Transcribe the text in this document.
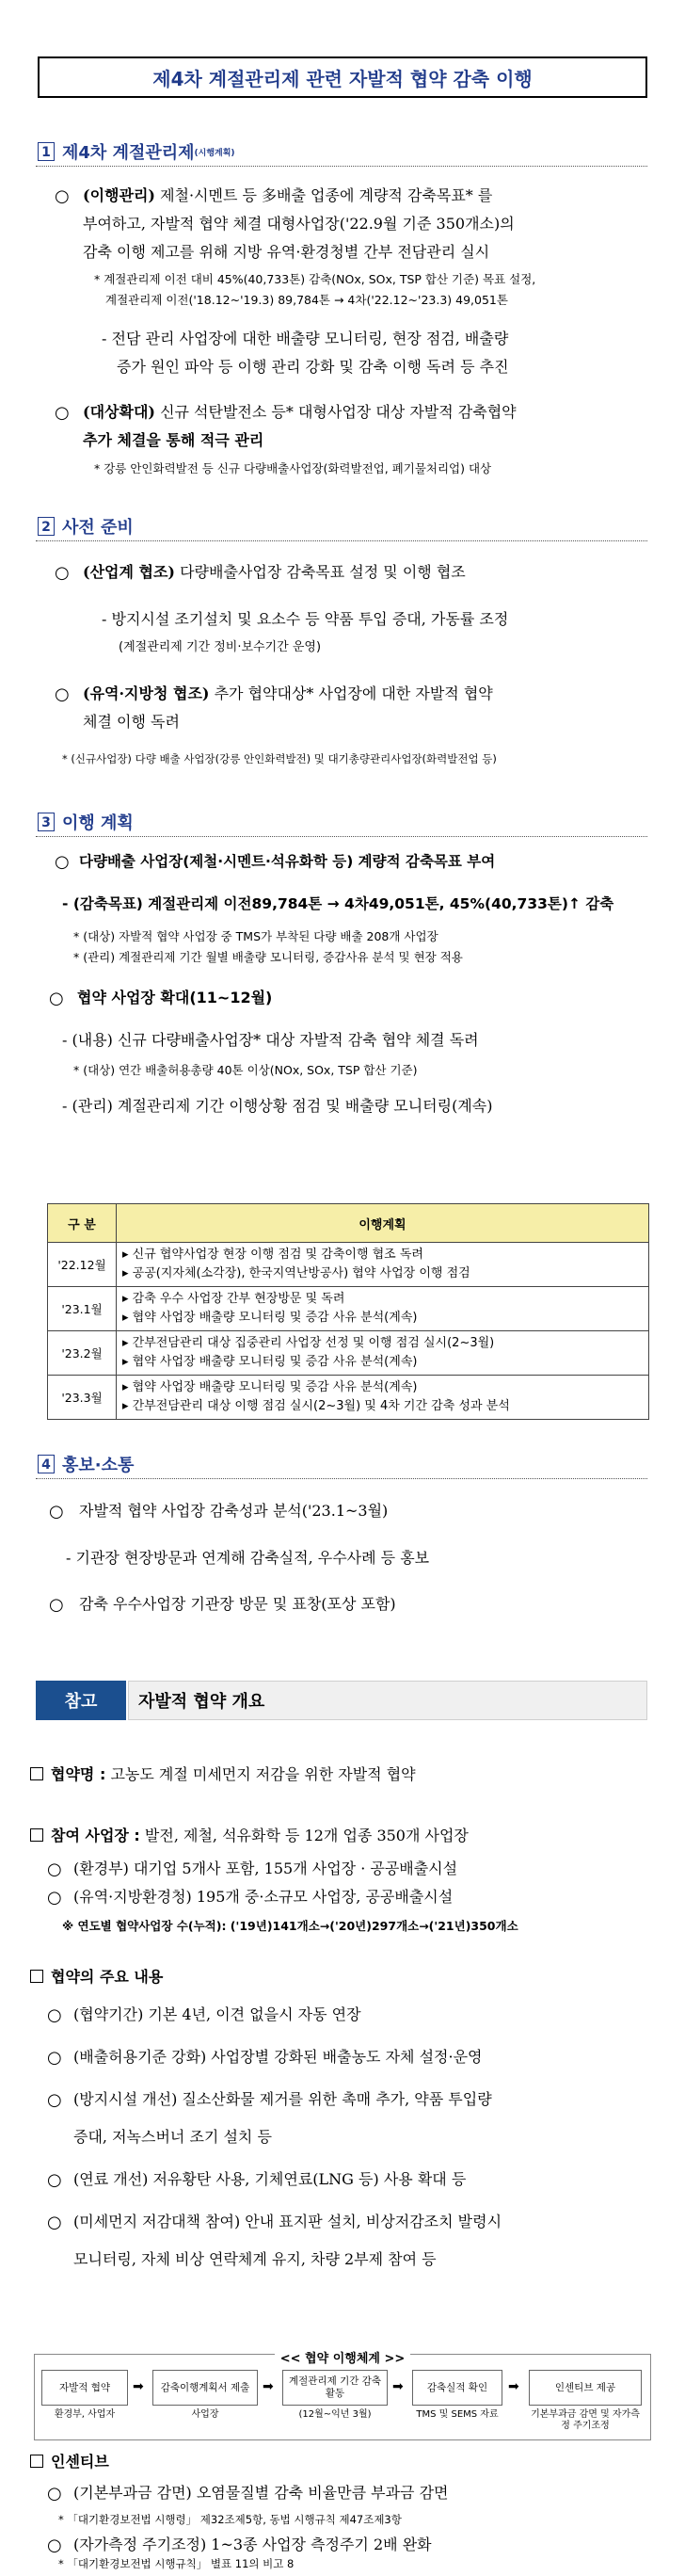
제4차 계절관리제 관련 자발적 협약 감축 이행
1 제4차 계절관리제 (시행계획)
○ (이행관리) 제철·시멘트 등 多배출 업종에 계량적 감축목표* 를
부여하고, 자발적 협약 체결 대형사업장('22.9월 기준 350개소)의
감축 이행 제고를 위해 지방 유역·환경청별 간부 전담관리 실시
* 계절관리제 이전 대비 45%(40,733톤) 감축(NOx, SOx, TSP 합산 기준) 목표 설정,
계절관리제 이전('18.12~'19.3) 89,784톤 → 4차('22.12~'23.3) 49,051톤
- 전담 관리 사업장에 대한 배출량 모니터링, 현장 점검, 배출량
증가 원인 파악 등 이행 관리 강화 및 감축 이행 독려 등 추진
○ (대상확대) 신규 석탄발전소 등* 대형사업장 대상 자발적 감축협약
추가 체결을 통해 적극 관리
* 강릉 안인화력발전 등 신규 다량배출사업장(화력발전업, 폐기물처리업) 대상
2 사전 준비
○ (산업계 협조) 다량배출사업장 감축목표 설정 및 이행 협조
- 방지시설 조기설치 및 요소수 등 약품 투입 증대, 가동률 조정
(계절관리제 기간 정비·보수기간 운영)
○ (유역·지방청 협조) 추가 협약대상* 사업장에 대한 자발적 협약
체결 이행 독려
* (신규사업장) 다량 배출 사업장(강릉 안인화력발전) 및 대기총량관리사업장(화력발전업 등)
3 이행 계획
○ 다량배출 사업장(제철·시멘트·석유화학 등) 계량적 감축목표 부여
- (감축목표) 계절관리제 이전89,784톤 → 4차49,051톤, 45%(40,733톤)↑ 감축
* (대상) 자발적 협약 사업장 중 TMS가 부착된 다량 배출 208개 사업장
* (관리) 계절관리제 기간 월별 배출량 모니터링, 증감사유 분석 및 현장 적용
○ 협약 사업장 확대(11~12월)
- (내용) 신규 다량배출사업장* 대상 자발적 감축 협약 체결 독려
* (대상) 연간 배출허용총량 40톤 이상(NOx, SOx, TSP 합산 기준)
- (관리) 계절관리제 기간 이행상황 점검 및 배출량 모니터링(계속)
구 분	이행계획
'22.12월	▸ 신규 협약사업장 현장 이행 점검 및 감축이행 협조 독려
▸ 공공(지자체(소각장), 한국지역난방공사) 협약 사업장 이행 점검

'23.1월	▸ 감축 우수 사업장 간부 현장방문 및 독려
▸ 협약 사업장 배출량 모니터링 및 증감 사유 분석(계속)

'23.2월	▸ 간부전담관리 대상 집중관리 사업장 선정 및 이행 점검 실시(2~3월)
▸ 협약 사업장 배출량 모니터링 및 증감 사유 분석(계속)

'23.3월	▸ 협약 사업장 배출량 모니터링 및 증감 사유 분석(계속)
▸ 간부전담관리 대상 이행 점검 실시(2~3월) 및 4차 기간 감축 성과 분석
4 홍보·소통
○ 자발적 협약 사업장 감축성과 분석('23.1~3월)
- 기관장 현장방문과 연계해 감축실적, 우수사례 등 홍보
○ 감축 우수사업장 기관장 방문 및 표창(포상 포함)
참고	자발적 협약 개요
협약명 : 고농도 계절 미세먼지 저감을 위한 자발적 협약
참여 사업장 : 발전, 제철, 석유화학 등 12개 업종 350개 사업장
○ (환경부) 대기업 5개사 포함, 155개 사업장 · 공공배출시설
○ (유역·지방환경청) 195개 중·소규모 사업장, 공공배출시설
※ 연도별 협약사업장 수(누적): ('19년)141개소→('20년)297개소→('21년)350개소
협약의 주요 내용
○ (협약기간) 기본 4년, 이견 없을시 자동 연장
○ (배출허용기준 강화) 사업장별 강화된 배출농도 자체 설정·운영
○ (방지시설 개선) 질소산화물 제거를 위한 촉매 추가, 약품 투입량
증대, 저녹스버너 조기 설치 등
○ (연료 개선) 저유황탄 사용, 기체연료(LNG 등) 사용 확대 등
○ (미세먼지 저감대책 참여) 안내 표지판 설치, 비상저감조치 발령시
모니터링, 자체 비상 연락체계 유지, 차량 2부제 참여 등
<< 협약 이행체계 >>
자발적 협약	➡	감축이행계획서 제출 ➡	계절관리제 기간 감축 활동	➡	감축실적 확인	➡	인센티브 제공
환경부, 사업자	사업장	(12월~익년 3월)	TMS 및 SEMS 자료	기본부과금 감면 및 자가측정 주기조정
인센티브
○ (기본부과금 감면) 오염물질별 감축 비율만큼 부과금 감면
* 「대기환경보전법 시행령」 제32조제5항, 동법 시행규칙 제47조제3항
○ (자가측정 주기조정) 1~3종 사업장 측정주기 2배 완화
* 「대기환경보전법 시행규칙」 별표 11의 비고 8
